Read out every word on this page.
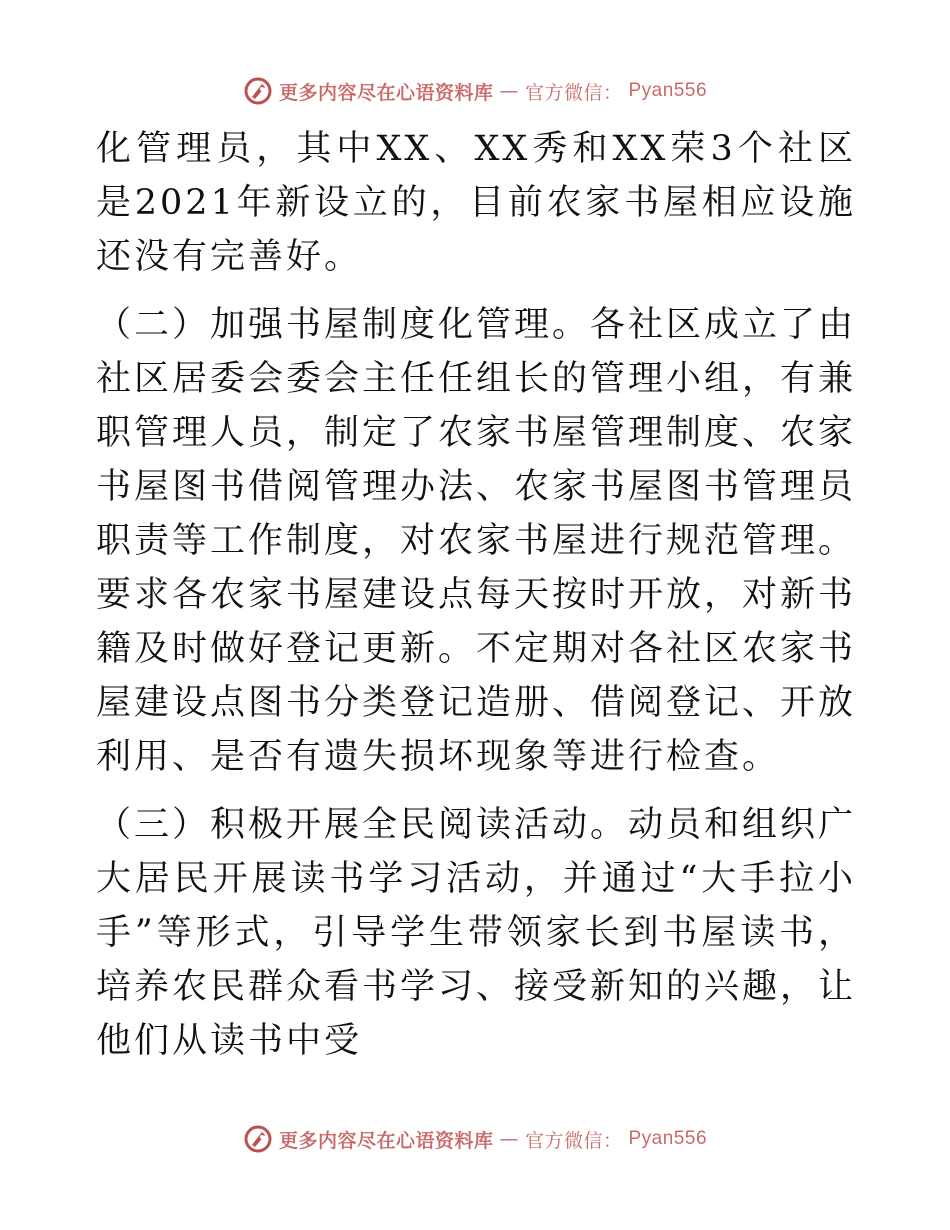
更多内容尽在心语资料库 — 官方微信： Pyan556

化管理员，其中XX、XX秀和XX荣3个社区是2021年新设立的，目前农家书屋相应设施还没有完善好。

（二）加强书屋制度化管理。各社区成立了由社区居委会委会主任任组长的管理小组，有兼职管理人员，制定了农家书屋管理制度、农家书屋图书借阅管理办法、农家书屋图书管理员职责等工作制度，对农家书屋进行规范管理。要求各农家书屋建设点每天按时开放，对新书籍及时做好登记更新。不定期对各社区农家书屋建设点图书分类登记造册、借阅登记、开放利用、是否有遗失损坏现象等进行检查。

（三）积极开展全民阅读活动。动员和组织广大居民开展读书学习活动，并通过“大手拉小手”等形式，引导学生带领家长到书屋读书，培养农民群众看书学习、接受新知的兴趣，让他们从读书中受

更多内容尽在心语资料库 — 官方微信： Pyan556
